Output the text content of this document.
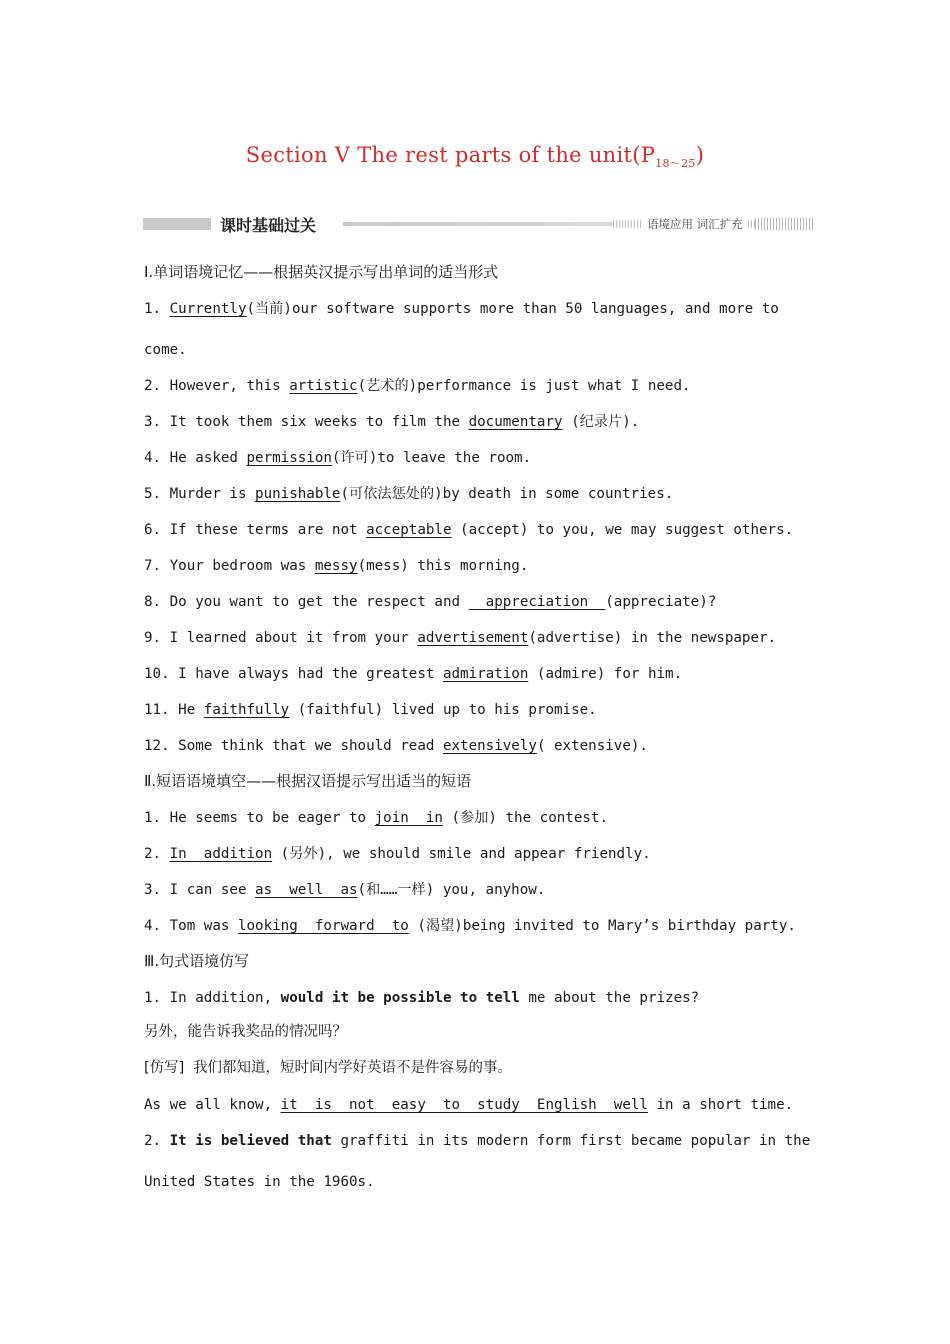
Section Ⅴ The rest parts of the $unit(P_{18\sim 25})$
课时基础过关	语境应用 词汇扩充
Ⅰ.单词语境记忆——根据英汉提示写出单词的适当形式
1. Currently(当前)our software supports more than 50 languages, and more to
come.
2. However, this artistic(艺术的)performance is just what I need.
3. It took them six weeks to film the documentary (纪录片).
4. He asked permission(许可)to leave the room.
5. Murder is punishable(可依法惩处的)by death in some countries.
6. If these terms are not acceptable (accept) to you, we may suggest others.
7. Your bedroom was messy(mess) this morning.
8. Do you want to get the respect and   appreciation  (appreciate)?
9. I learned about it from your advertisement(advertise) in the newspaper.
10. I have always had the greatest admiration (admire) for him.
11. He faithfully (faithful) lived up to his promise.
12. Some think that we should read extensively( extensive).
Ⅱ.短语语境填空——根据汉语提示写出适当的短语
1. He seems to be eager to join  in (参加) the contest.
2. In  addition (另外), we should smile and appear friendly.
3. I can see as  well  as(和……一样) you, anyhow.
4. Tom was looking  forward  to (渴望)being invited to Mary’s birthday party.
Ⅲ.句式语境仿写
1. In addition, would it be possible to tell me about the prizes?
另外，能告诉我奖品的情况吗？
[仿写] 我们都知道，短时间内学好英语不是件容易的事。
As we all know, it  is  not  easy  to  study  English  well in a short time.
2. It is believed that graffiti in its modern form first became popular in the
United States in the 1960s.
